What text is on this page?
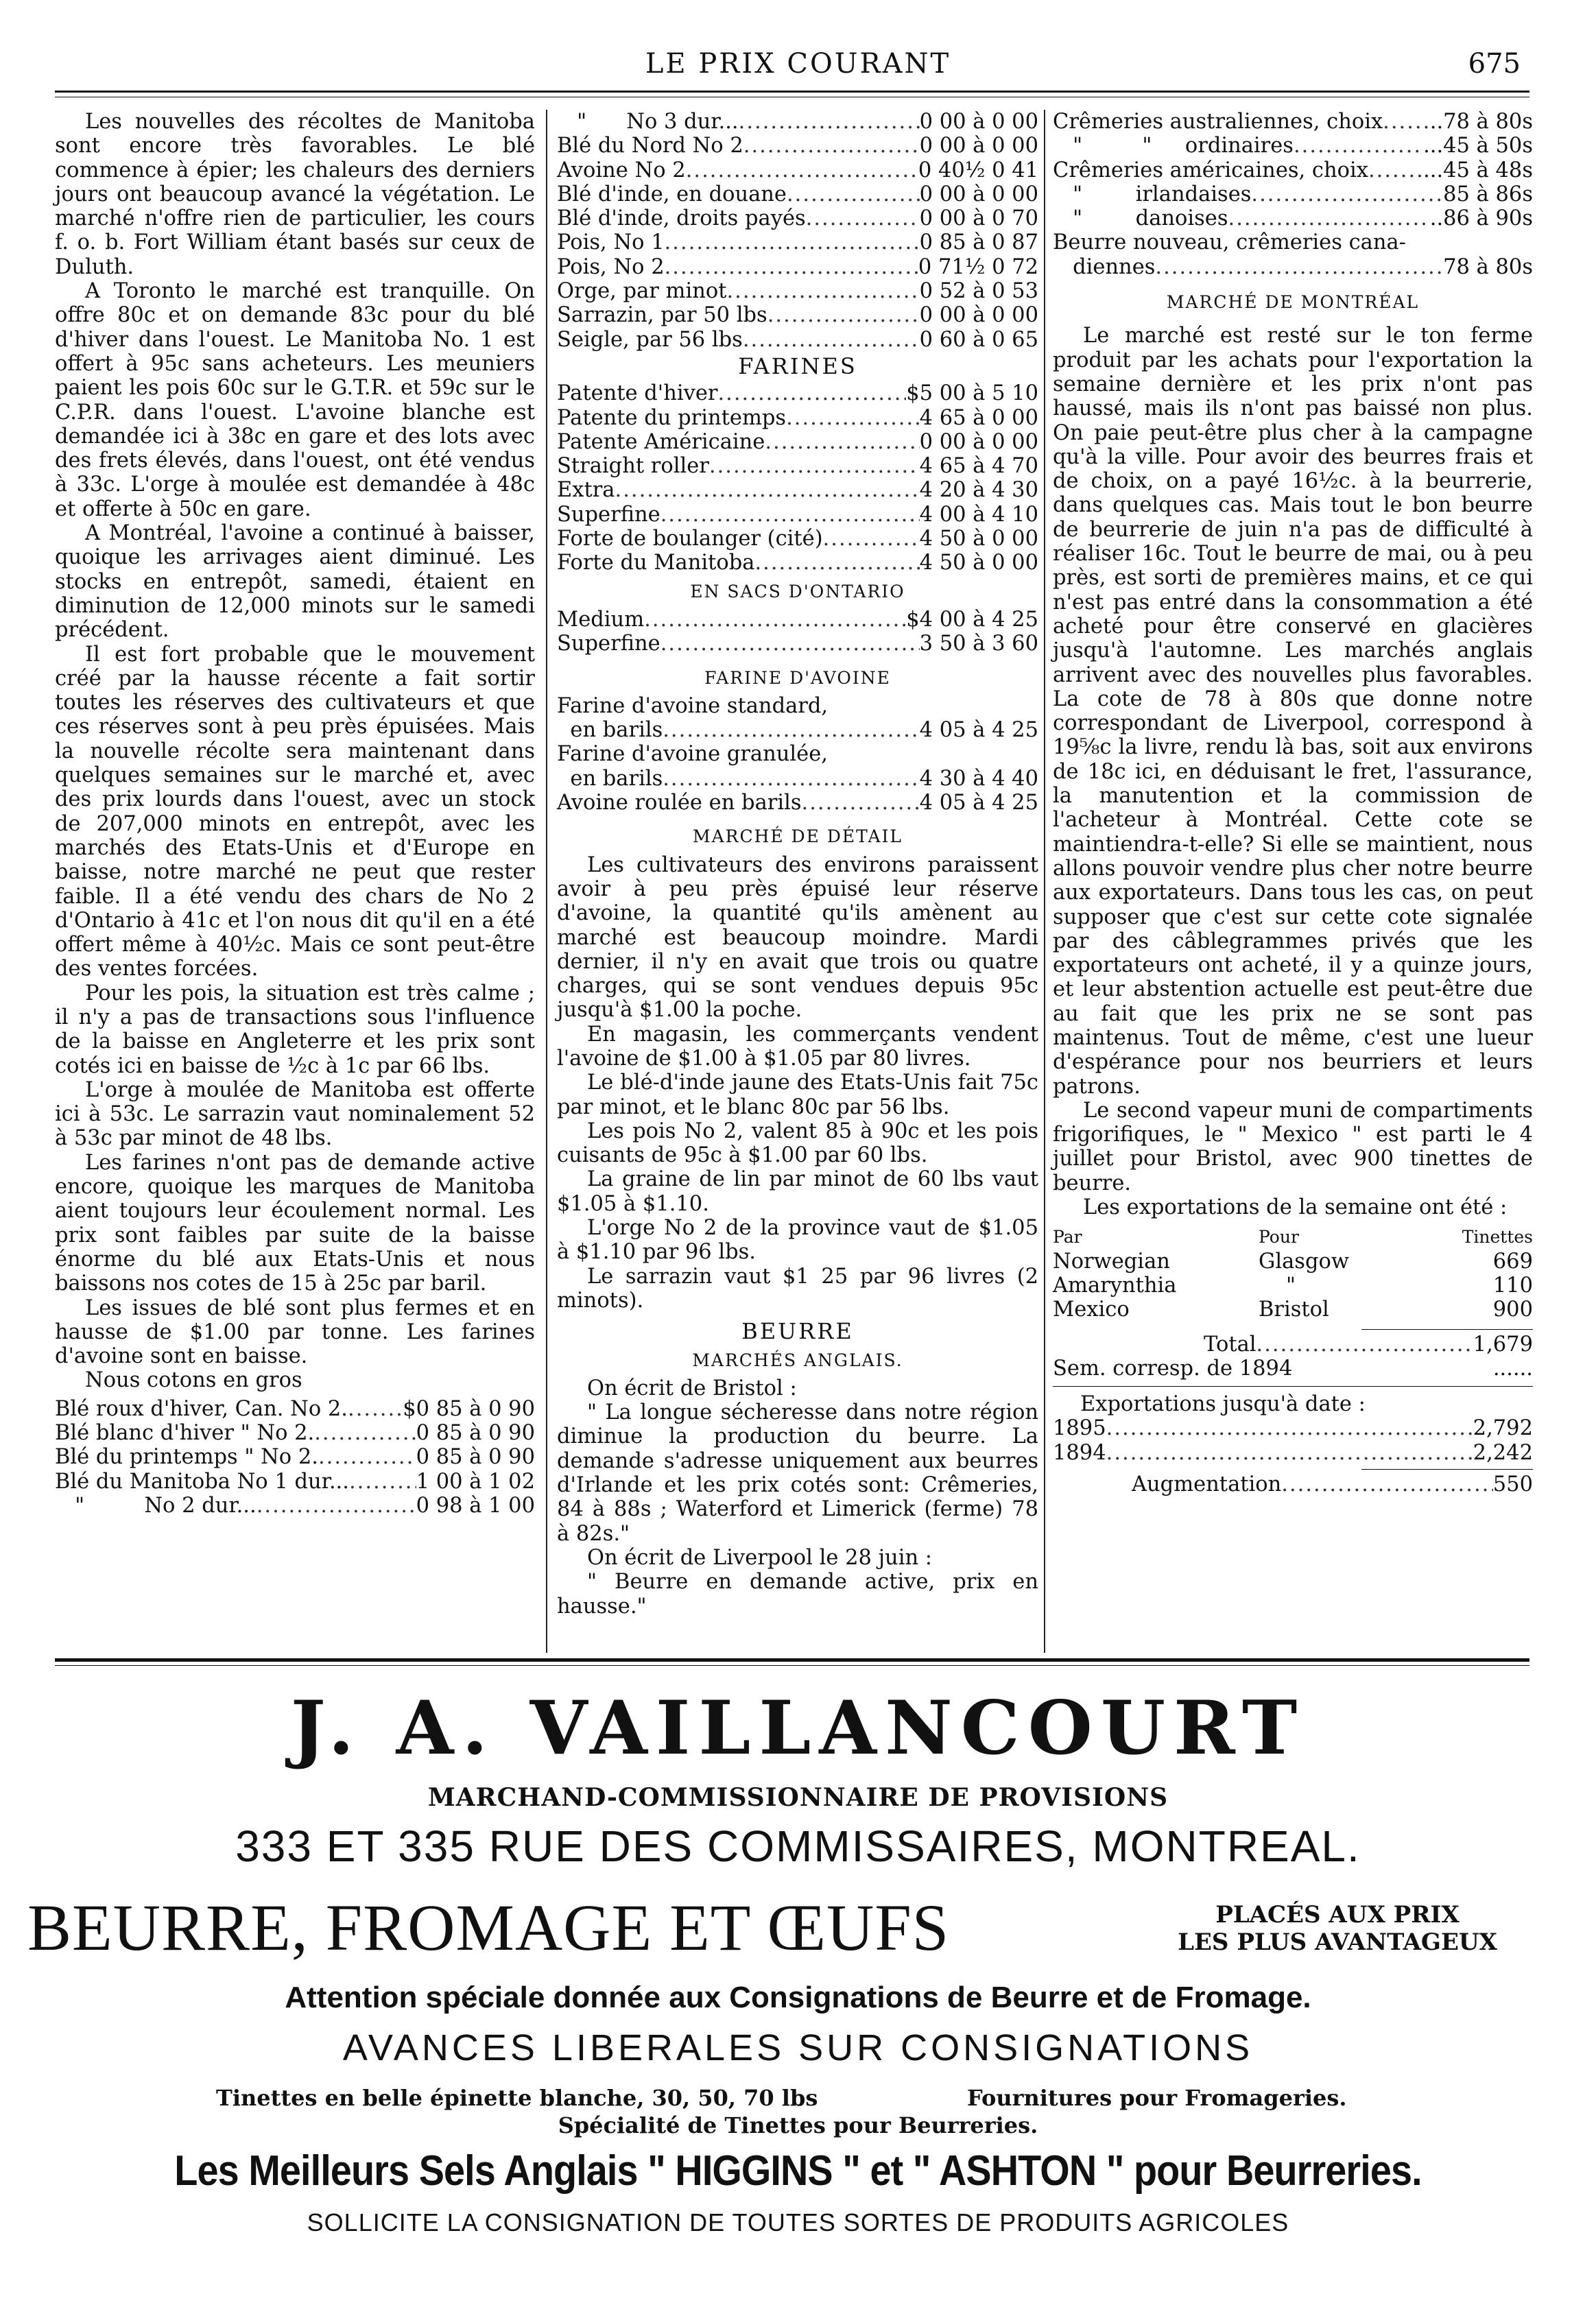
LE PRIX COURANT	675

Les nouvelles des récoltes de Manitoba sont encore très favorables. Le blé commence à épier; les chaleurs des derniers jours ont beaucoup avancé la végétation. Le marché n'offre rien de particulier, les cours f. o. b. Fort William étant basés sur ceux de Duluth.

A Toronto le marché est tranquille. On offre 80c et on demande 83c pour du blé d'hiver dans l'ouest. Le Manitoba No. 1 est offert à 95c sans acheteurs. Les meuniers paient les pois 60c sur le G.T.R. et 59c sur le C.P.R. dans l'ouest. L'avoine blanche est demandée ici à 38c en gare et des lots avec des frets élevés, dans l'ouest, ont été vendus à 33c. L'orge à moulée est demandée à 48c et offerte à 50c en gare.

A Montréal, l'avoine a continué à baisser, quoique les arrivages aient diminué. Les stocks en entrepôt, samedi, étaient en diminution de 12,000 minots sur le samedi précédent.

Il est fort probable que le mouvement créé par la hausse récente a fait sortir toutes les réserves des cultivateurs et que ces réserves sont à peu près épuisées. Mais la nouvelle récolte sera maintenant dans quelques semaines sur le marché et, avec des prix lourds dans l'ouest, avec un stock de 207,000 minots en entrepôt, avec les marchés des Etats-Unis et d'Europe en baisse, notre marché ne peut que rester faible. Il a été vendu des chars de No 2 d'Ontario à 41c et l'on nous dit qu'il en a été offert même à 40½c. Mais ce sont peut-être des ventes forcées.

Pour les pois, la situation est très calme ; il n'y a pas de transactions sous l'influence de la baisse en Angleterre et les prix sont cotés ici en baisse de ½c à 1c par 66 lbs.

L'orge à moulée de Manitoba est offerte ici à 53c. Le sarrazin vaut nominalement 52 à 53c par minot de 48 lbs.

Les farines n'ont pas de demande active encore, quoique les marques de Manitoba aient toujours leur écoulement normal. Les prix sont faibles par suite de la baisse énorme du blé aux Etats-Unis et nous baissons nos cotes de 15 à 25c par baril.

Les issues de blé sont plus fermes et en hausse de $1.00 par tonne. Les farines d'avoine sont en baisse.

Nous cotons en gros

Blé roux d'hiver, Can. No 2. .....	$0 85 à 0 90
Blé blanc d'hiver " No 2. .....	0 85 à 0 90
Blé du printemps " No 2. .....	0 85 à 0 90
Blé du Manitoba No 1 dur... .....	1 00 à 1 02
"         No 2 dur... .....	0 98 à 1 00
"      No 3 dur... .....	0 00 à 0 00
Blé du Nord No 2 .....	0 00 à 0 00
Avoine No 2 .....	0 40½ 0 41
Blé d'inde, en douane .....	0 00 à 0 00
Blé d'inde, droits payés .....	0 00 à 0 70
Pois, No 1 .....	0 85 à 0 87
Pois, No 2 .....	0 71½ 0 72
Orge, par minot .....	0 52 à 0 53
Sarrazin, par 50 lbs .....	0 00 à 0 00
Seigle, par 56 lbs .....	0 60 à 0 65
FARINES
Patente d'hiver .....	$5 00 à 5 10
Patente du printemps .....	4 65 à 0 00
Patente Américaine .....	0 00 à 0 00
Straight roller .....	4 65 à 4 70
Extra .....	4 20 à 4 30
Superfine .....	4 00 à 4 10
Forte de boulanger (cité) .....	4 50 à 0 00
Forte du Manitoba .....	4 50 à 0 00
EN SACS D'ONTARIO
Medium .....	$4 00 à 4 25
Superfine .....	3 50 à 3 60
FARINE D'AVOINE
Farine d'avoine standard,
en barils .....	4 05 à 4 25
Farine d'avoine granulée,
en barils .....	4 30 à 4 40
Avoine roulée en barils .....	4 05 à 4 25
MARCHÉ DE DÉTAIL

Les cultivateurs des environs paraissent avoir à peu près épuisé leur réserve d'avoine, la quantité qu'ils amènent au marché est beaucoup moindre. Mardi dernier, il n'y en avait que trois ou quatre charges, qui se sont vendues depuis 95c jusqu'à $1.00 la poche.

En magasin, les commerçants vendent l'avoine de $1.00 à $1.05 par 80 livres.

Le blé-d'inde jaune des Etats-Unis fait 75c par minot, et le blanc 80c par 56 lbs.

Les pois No 2, valent 85 à 90c et les pois cuisants de 95c à $1.00 par 60 lbs.

La graine de lin par minot de 60 lbs vaut $1.05 à $1.10.

L'orge No 2 de la province vaut de $1.05 à $1.10 par 96 lbs.

Le sarrazin vaut $1 25 par 96 livres (2 minots).

BEURRE
MARCHÉS ANGLAIS.

On écrit de Bristol :

" La longue sécheresse dans notre région diminue la production du beurre. La demande s'adresse uniquement aux beurres d'Irlande et les prix cotés sont: Crêmeries, 84 à 88s ; Waterford et Limerick (ferme) 78 à 82s."

On écrit de Liverpool le 28 juin :

" Beurre en demande active, prix en hausse."

Crêmeries australiennes, choix ..... ..78 à 80s
"         "     ordinaires .....	...45 à 50s
Crêmeries américaines, choix .....	...45 à 48s
"        irlandaises .....	85 à 86s
"        danoises .....	..86 à 90s
Beurre nouveau, crêmeries cana-
diennes .....	78 à 80s
MARCHÉ DE MONTRÉAL

Le marché est resté sur le ton ferme produit par les achats pour l'exportation la semaine dernière et les prix n'ont pas haussé, mais ils n'ont pas baissé non plus. On paie peut-être plus cher à la campagne qu'à la ville. Pour avoir des beurres frais et de choix, on a payé 16½c. à la beurrerie, dans quelques cas. Mais tout le bon beurre de beurrerie de juin n'a pas de difficulté à réaliser 16c. Tout le beurre de mai, ou à peu près, est sorti de premières mains, et ce qui n'est pas entré dans la consommation a été acheté pour être conservé en glacières jusqu'à l'automne. Les marchés anglais arrivent avec des nouvelles plus favorables. La cote de 78 à 80s que donne notre correspondant de Liverpool, correspond à 19⅝c la livre, rendu là bas, soit aux environs de 18c ici, en déduisant le fret, l'assurance, la manutention et la commission de l'acheteur à Montréal. Cette cote se maintiendra-t-elle? Si elle se maintient, nous allons pouvoir vendre plus cher notre beurre aux exportateurs. Dans tous les cas, on peut supposer que c'est sur cette cote signalée par des câblegrammes privés que les exportateurs ont acheté, il y a quinze jours, et leur abstention actuelle est peut-être due au fait que les prix ne se sont pas maintenus. Tout de même, c'est une lueur d'espérance pour nos beurriers et leurs patrons.

Le second vapeur muni de compartiments frigorifiques, le " Mexico " est parti le 4 juillet pour Bristol, avec 900 tinettes de beurre.

Les exportations de la semaine ont été :

Par	Pour	Tinettes
Norwegian	Glasgow	669
Amarynthia	"	110
Mexico	Bristol	900
Total .....	1,679
Sem. corresp. de 1894	......
Exportations jusqu'à date :
1895 .....	2,792
1894 .....	2,242
Augmentation .....	550
J. A. VAILLANCOURT
MARCHAND-COMMISSIONNAIRE DE PROVISIONS
333 ET 335 RUE DES COMMISSAIRES, MONTREAL.
BEURRE, FROMAGE ET ŒUFS	PLACÉS AUX PRIX
LES PLUS AVANTAGEUX
Attention spéciale donnée aux Consignations de Beurre et de Fromage.
AVANCES LIBERALES SUR CONSIGNATIONS
Tinettes en belle épinette blanche, 30, 50, 70 lbs	Fournitures pour Fromageries.
Spécialité de Tinettes pour Beurreries.
Les Meilleurs Sels Anglais " HIGGINS " et " ASHTON " pour Beurreries.
SOLLICITE LA CONSIGNATION DE TOUTES SORTES DE PRODUITS AGRICOLES
